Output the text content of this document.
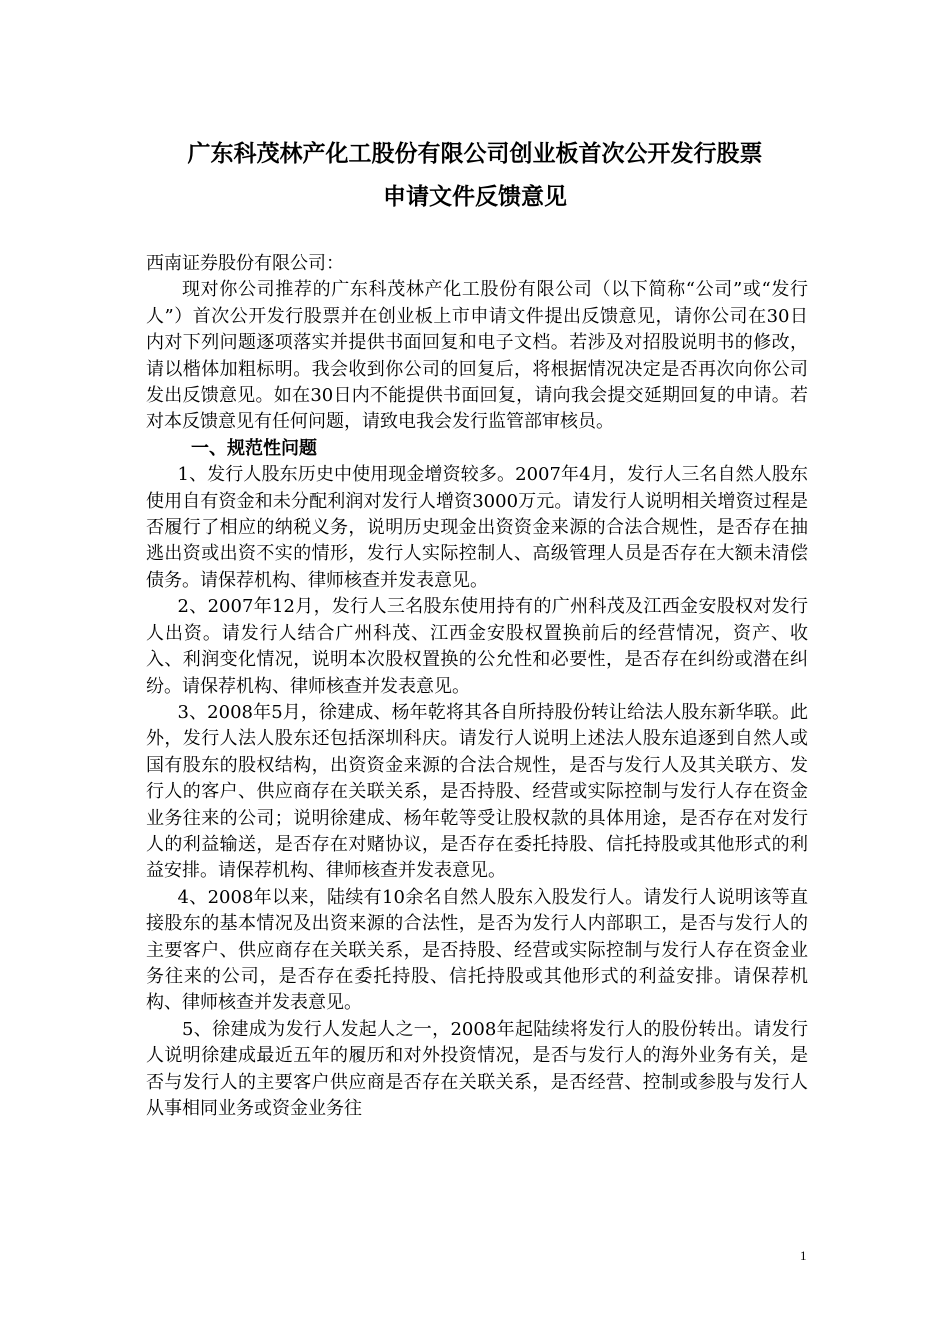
广东科茂林产化工股份有限公司创业板首次公开发行股票
申请文件反馈意见

西南证券股份有限公司：

现对你公司推荐的广东科茂林产化工股份有限公司（以下简称“公司”或“发行人”）首次公开发行股票并在创业板上市申请文件提出反馈意见，请你公司在30日内对下列问题逐项落实并提供书面回复和电子文档。若涉及对招股说明书的修改，请以楷体加粗标明。我会收到你公司的回复后，将根据情况决定是否再次向你公司发出反馈意见。如在30日内不能提供书面回复，请向我会提交延期回复的申请。若对本反馈意见有任何问题，请致电我会发行监管部审核员。

一、规范性问题

1、发行人股东历史中使用现金增资较多。2007年4月，发行人三名自然人股东使用自有资金和未分配利润对发行人增资3000万元。请发行人说明相关增资过程是否履行了相应的纳税义务，说明历史现金出资资金来源的合法合规性，是否存在抽逃出资或出资不实的情形，发行人实际控制人、高级管理人员是否存在大额未清偿债务。请保荐机构、律师核查并发表意见。

2、2007年12月，发行人三名股东使用持有的广州科茂及江西金安股权对发行人出资。请发行人结合广州科茂、江西金安股权置换前后的经营情况，资产、收入、利润变化情况，说明本次股权置换的公允性和必要性，是否存在纠纷或潜在纠纷。请保荐机构、律师核查并发表意见。

3、2008年5月，徐建成、杨年乾将其各自所持股份转让给法人股东新华联。此外，发行人法人股东还包括深圳科庆。请发行人说明上述法人股东追逐到自然人或国有股东的股权结构，出资资金来源的合法合规性，是否与发行人及其关联方、发行人的客户、供应商存在关联关系，是否持股、经营或实际控制与发行人存在资金业务往来的公司；说明徐建成、杨年乾等受让股权款的具体用途，是否存在对发行人的利益输送，是否存在对赌协议，是否存在委托持股、信托持股或其他形式的利益安排。请保荐机构、律师核查并发表意见。

4、2008年以来，陆续有10余名自然人股东入股发行人。请发行人说明该等直接股东的基本情况及出资来源的合法性，是否为发行人内部职工，是否与发行人的主要客户、供应商存在关联关系，是否持股、经营或实际控制与发行人存在资金业务往来的公司，是否存在委托持股、信托持股或其他形式的利益安排。请保荐机构、律师核查并发表意见。

5、徐建成为发行人发起人之一，2008年起陆续将发行人的股份转出。请发行人说明徐建成最近五年的履历和对外投资情况，是否与发行人的海外业务有关，是否与发行人的主要客户供应商是否存在关联关系，是否经营、控制或参股与发行人从事相同业务或资金业务往

1
